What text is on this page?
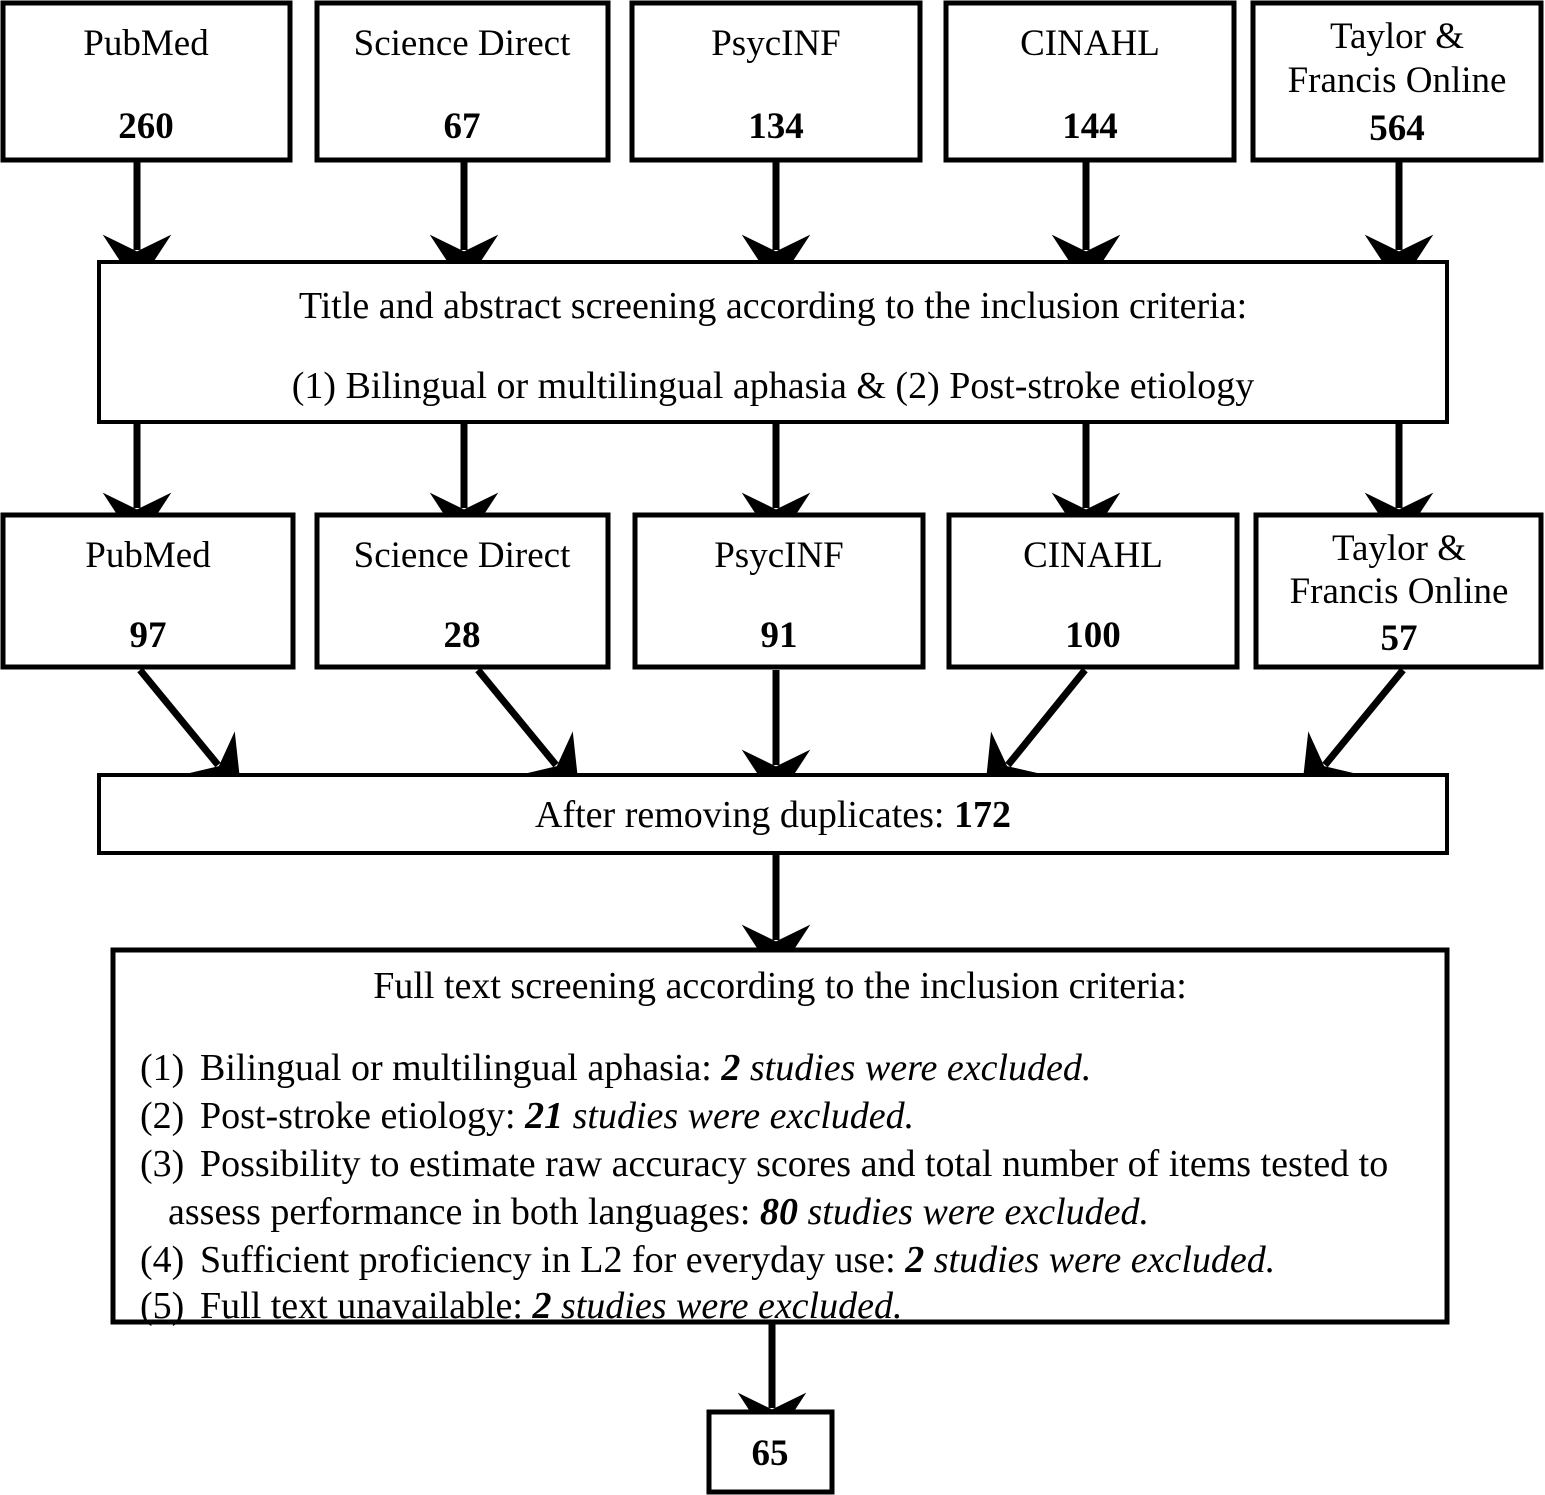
PubMed
260
Science Direct
67
PsycINF
134
CINAHL
144
Taylor &
Francis Online
564
Title and abstract screening according to the inclusion criteria:
(1) Bilingual or multilingual aphasia & (2) Post-stroke etiology
PubMed
97
Science Direct
28
PsycINF
91
CINAHL
100
Taylor &
Francis Online
57
After removing duplicates: 172
Full text screening according to the inclusion criteria:
(1) Bilingual or multilingual aphasia: 2 studies were excluded.
(2) Post-stroke etiology: 21 studies were excluded.
(3) Possibility to estimate raw accuracy scores and total number of items tested to
assess performance in both languages: 80 studies were excluded.
(4) Sufficient proficiency in L2 for everyday use: 2 studies were excluded.
(5) Full text unavailable: 2 studies were excluded.
65
